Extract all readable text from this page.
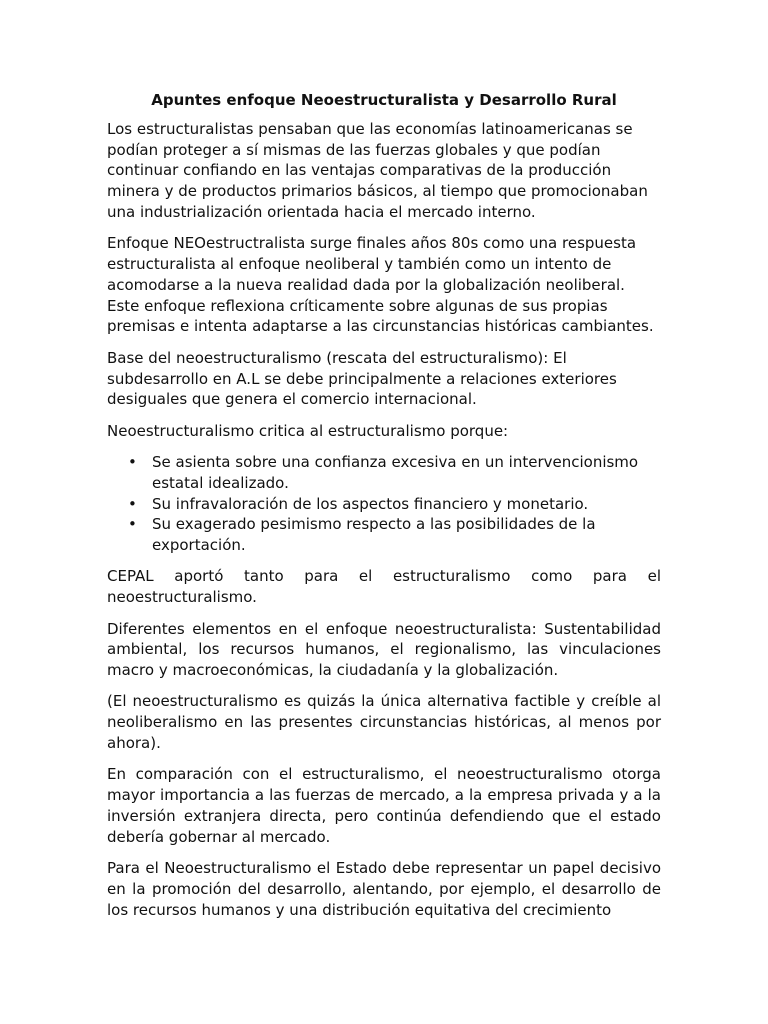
Apuntes enfoque Neoestructuralista y Desarrollo Rural

Los estructuralistas pensaban que las economías latinoamericanas se podían proteger a sí mismas de las fuerzas globales y que podían continuar confiando en las ventajas comparativas de la producción minera y de productos primarios básicos, al tiempo que promocionaban una industrialización orientada hacia el mercado interno.

Enfoque NEOestructralista surge finales años 80s como una respuesta estructuralista al enfoque neoliberal y también como un intento de acomodarse a la nueva realidad dada por la globalización neoliberal. Este enfoque reflexiona críticamente sobre algunas de sus propias premisas e intenta adaptarse a las circunstancias históricas cambiantes.

Base del neoestructuralismo (rescata del estructuralismo): El subdesarrollo en A.L se debe principalmente a relaciones exteriores desiguales que genera el comercio internacional.

Neoestructuralismo critica al estructuralismo porque:

• Se asienta sobre una confianza excesiva en un intervencionismo estatal idealizado.
• Su infravaloración de los aspectos financiero y monetario.
• Su exagerado pesimismo respecto a las posibilidades de la exportación.

CEPAL aportó tanto para el estructuralismo como para el neoestructuralismo.

Diferentes elementos en el enfoque neoestructuralista: Sustentabilidad ambiental, los recursos humanos, el regionalismo, las vinculaciones macro y macroeconómicas, la ciudadanía y la globalización.

(El neoestructuralismo es quizás la única alternativa factible y creíble al neoliberalismo en las presentes circunstancias históricas, al menos por ahora).

En comparación con el estructuralismo, el neoestructuralismo otorga mayor importancia a las fuerzas de mercado, a la empresa privada y a la inversión extranjera directa, pero continúa defendiendo que el estado debería gobernar al mercado.

Para el Neoestructuralismo el Estado debe representar un papel decisivo en la promoción del desarrollo, alentando, por ejemplo, el desarrollo de los recursos humanos y una distribución equitativa del crecimiento
